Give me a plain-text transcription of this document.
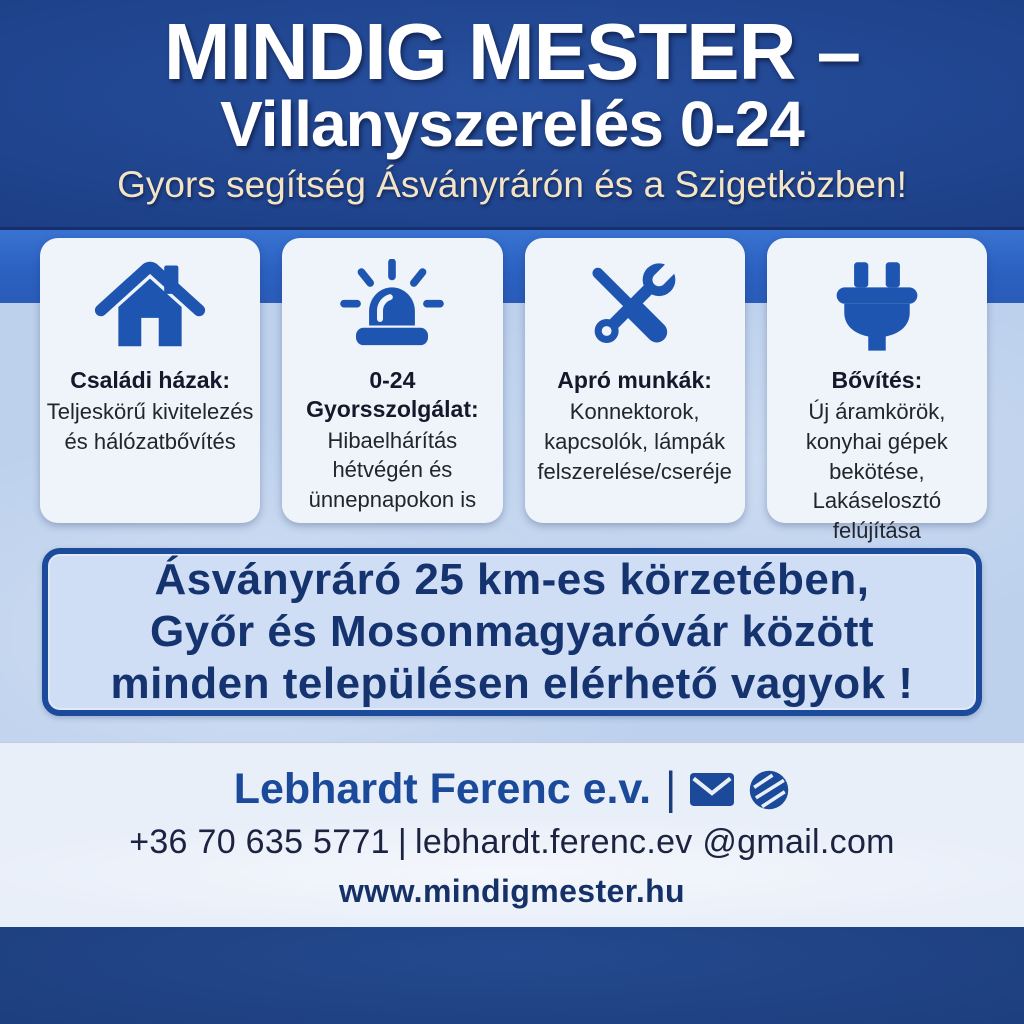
MINDIG MESTER –
Villanyszerelés 0-24

Gyors segítség Ásványrárón és a Szigetközben!

Családi házak:

Teljeskörű kivitelezés és hálózatbővítés

0-24 Gyorsszolgálat:

Hibaelhárítás hétvégén és ünnepnapokon is

Apró munkák:

Konnektorok, kapcsolók, lámpák felszerelése/cseréje

Bővítés:

Új áramkörök, konyhai gépek bekötése, Lakáselosztó felújítása

Ásványráró 25 km-es körzetében,
Győr és Mosonmagyaróvár között
minden településen elérhető vagyok !
Lebhardt Ferenc e.v. |
+36 70 635 5771 | lebhardt.ferenc.ev @gmail.com
www.mindigmester.hu
